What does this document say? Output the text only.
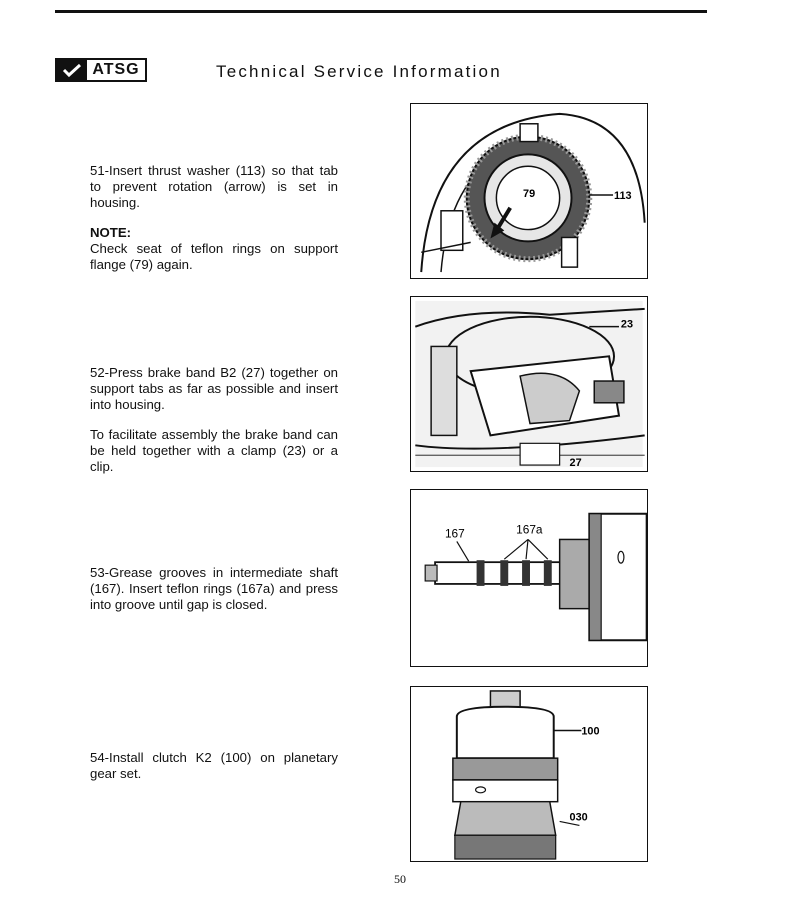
ATSG	Technical Service Information

51-Insert thrust washer (113) so that tab to prevent rotation (arrow) is set in housing.

NOTE:

Check seat of teflon rings on support flange (79) again.

52-Press brake band B2 (27) together on support tabs as far as possible and insert into housing.

To facilitate assembly the brake band can be held together with a clamp (23) or a clip.

53-Grease grooves in intermediate shaft (167). Insert teflon rings (167a) and press into groove until gap is closed.

54-Install clutch K2 (100) on planetary gear set.

79	113
23
27
167	167a
100
030
50
